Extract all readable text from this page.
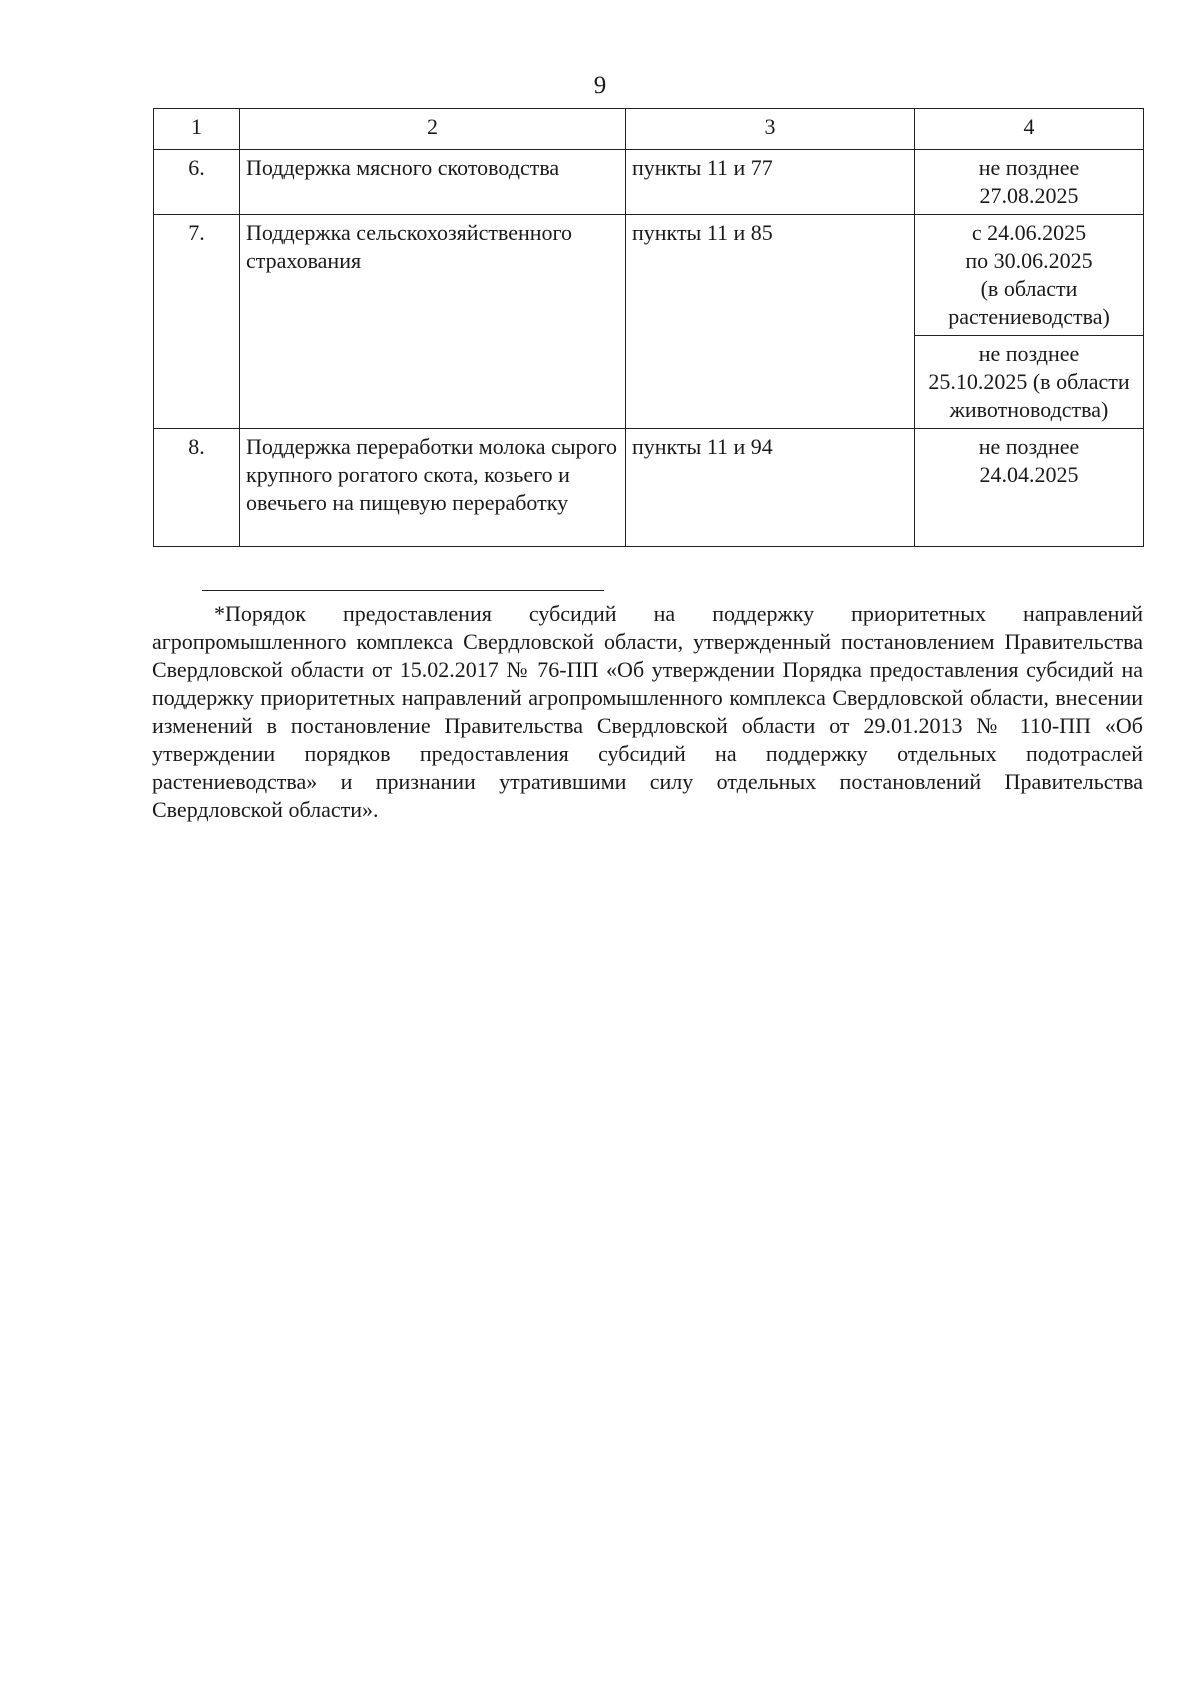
9
1	2	3	4
6.	Поддержка мясного скотоводства	пункты 11 и 77	не позднее
27.08.2025

7.	Поддержка сельскохозяйственного страхования	пункты 11 и 85	с 24.06.2025
по 30.06.2025
(в области
растениеводства)

			не позднее
25.10.2025 (в области
животноводства)

8.	Поддержка переработки молока сырого крупного рогатого скота, козьего и овечьего на пищевую переработку	пункты 11 и 94	не позднее
24.04.2025
*Порядок предоставления субсидий на поддержку приоритетных направлений агропромышленного комплекса Свердловской области, утвержденный постановлением Правительства Свердловской области от 15.02.2017 № 76-ПП «Об утверждении Порядка предоставления субсидий на поддержку приоритетных направлений агропромышленного комплекса Свердловской области, внесении изменений в постановление Правительства Свердловской области от 29.01.2013 № 110-ПП «Об утверждении порядков предоставления субсидий на поддержку отдельных подотраслей растениеводства» и признании утратившими силу отдельных постановлений Правительства Свердловской области».
